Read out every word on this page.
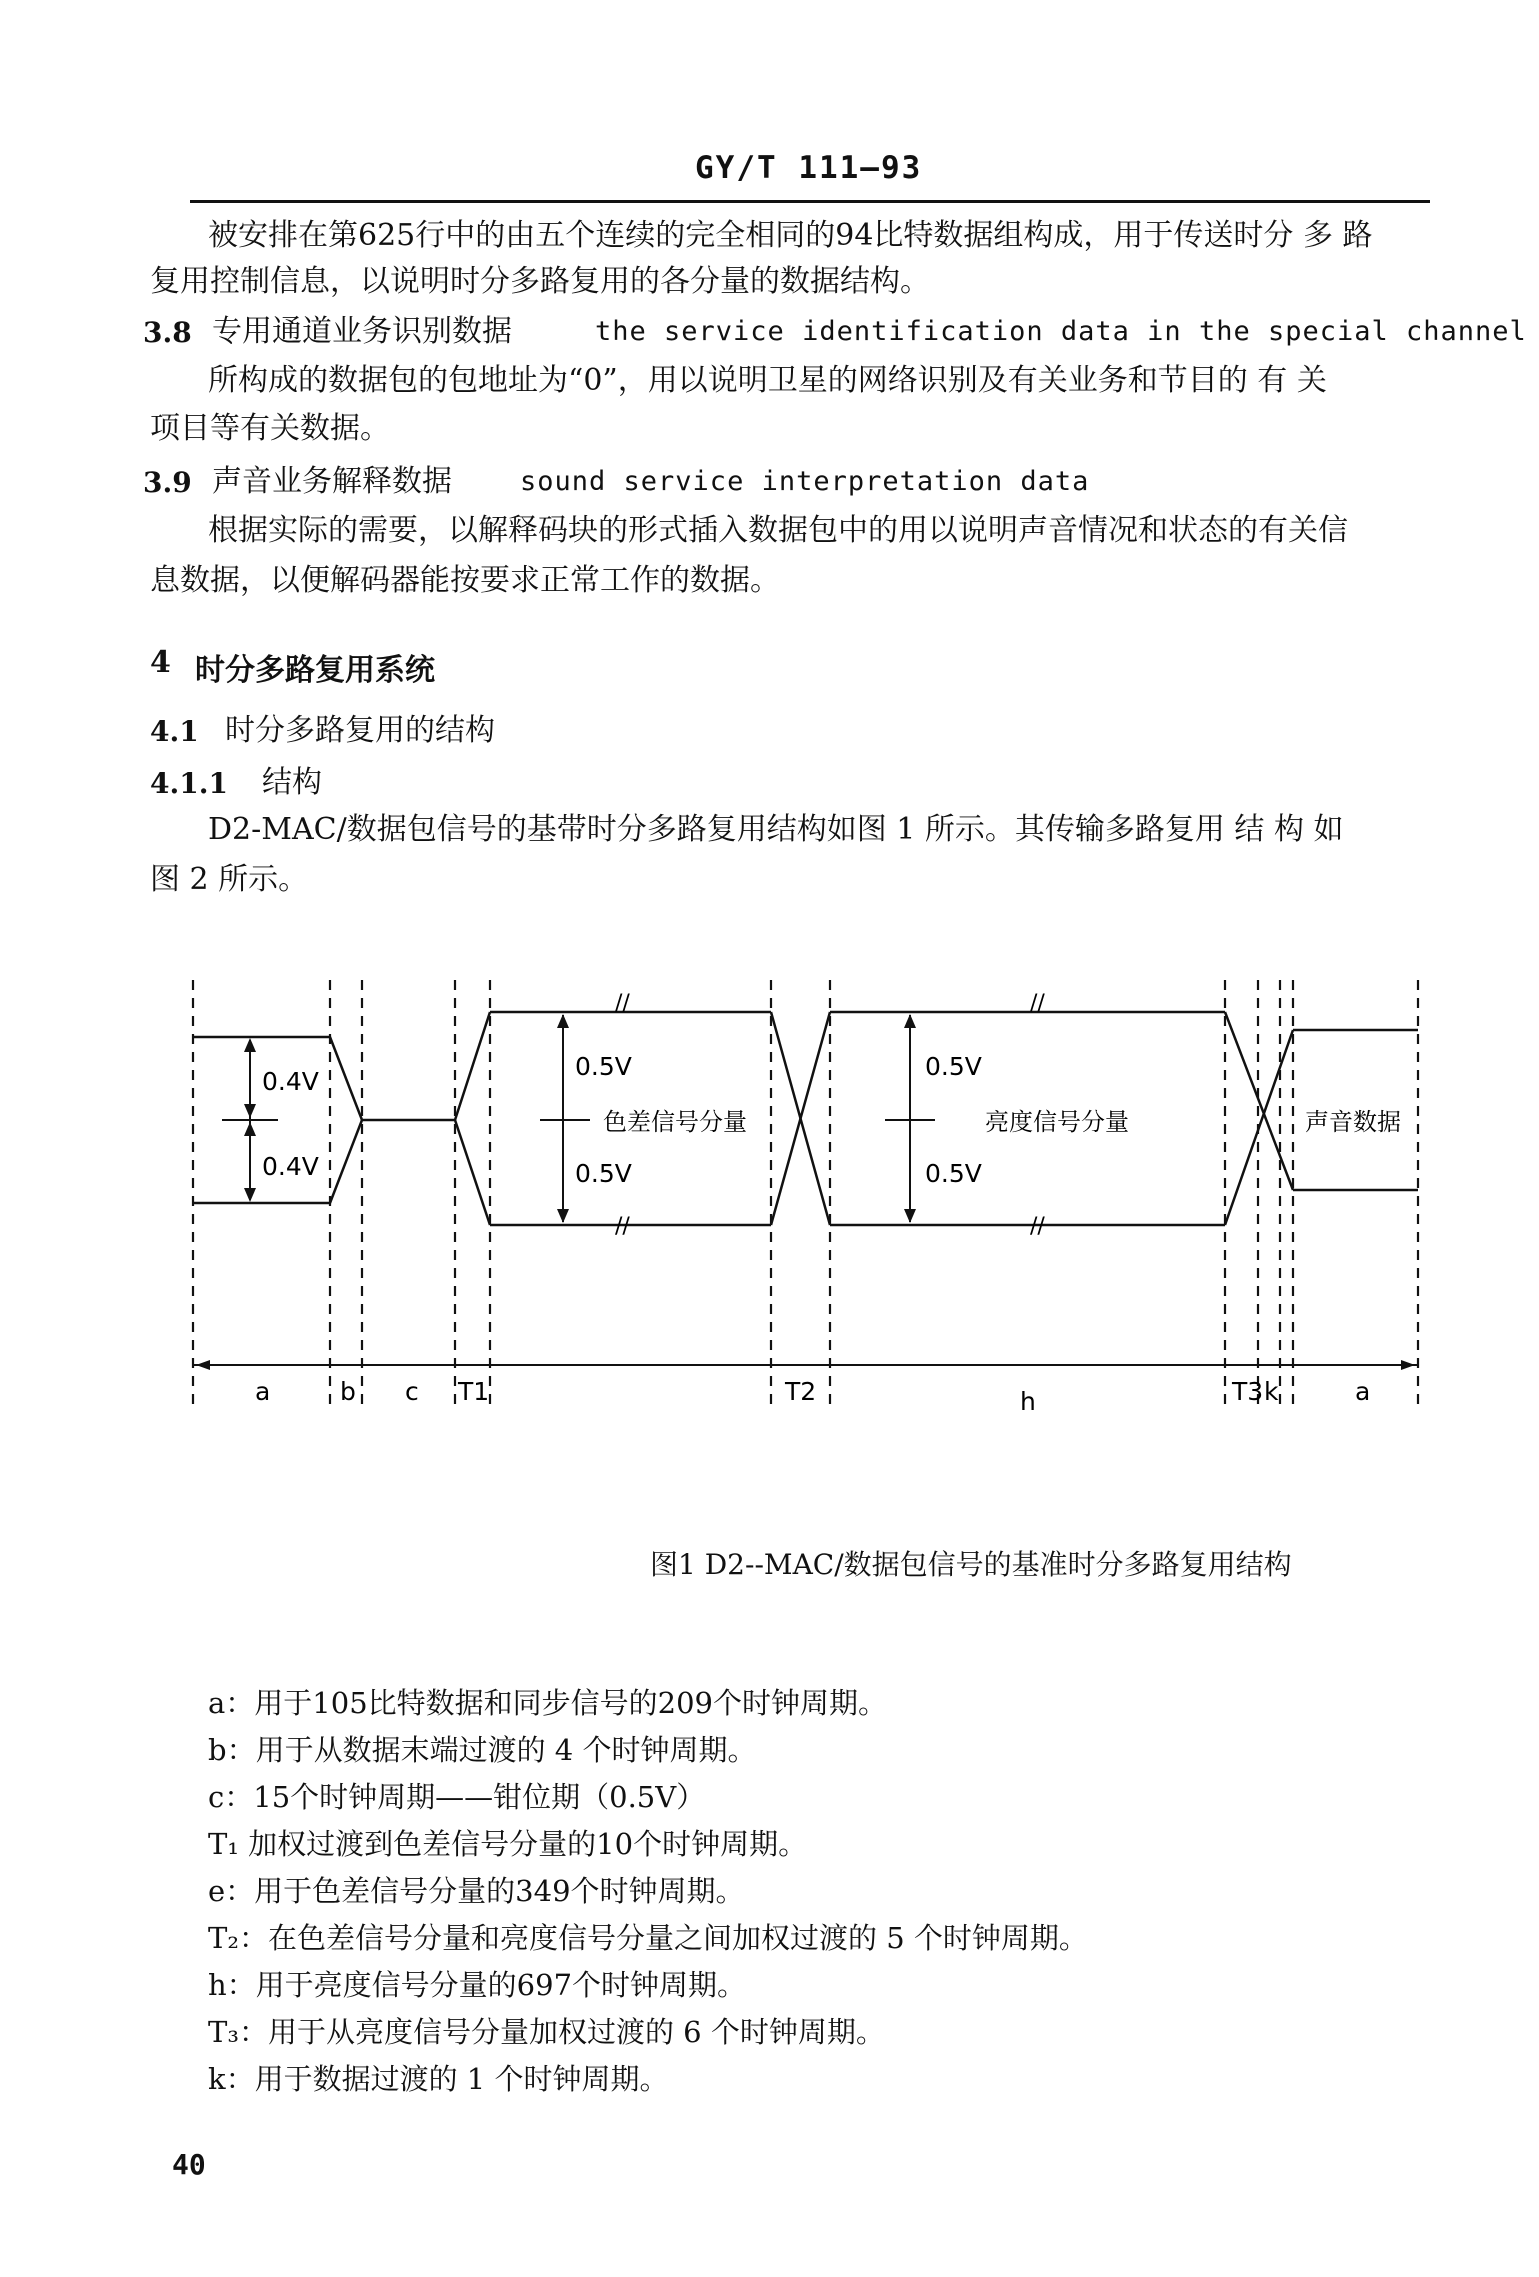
GY/T 111—93
被安排在第625行中的由五个连续的完全相同的94比特数据组构成，用于传送时分 多 路
复用控制信息，以说明时分多路复用的各分量的数据结构。
3.8 专用通道业务识别数据	the service identification data in the special channel
所构成的数据包的包地址为“0”，用以说明卫星的网络识别及有关业务和节目的 有 关
项目等有关数据。
3.9 声音业务解释数据	sound service interpretation data
根据实际的需要，以解释码块的形式插入数据包中的用以说明声音情况和状态的有关信
息数据，以便解码器能按要求正常工作的数据。
4 时分多路复用系统
4.1 时分多路复用的结构
4.1.1 结构
D2-MAC/数据包信号的基带时分多路复用结构如图 1 所示。其传输多路复用 结 构 如
图 2 所示。
0.4V
0.4V
0.5V
0.5V
色差信号分量
0.5V
0.5V
亮度信号分量	声音数据
//	//
//	//
a	b c T1	T2	h	T3 k	a
图1 D2--MAC/数据包信号的基准时分多路复用结构
a：用于105比特数据和同步信号的209个时钟周期。
b：用于从数据末端过渡的 4 个时钟周期。
c：15个时钟周期——钳位期（0.5V）
T₁ 加权过渡到色差信号分量的10个时钟周期。
e：用于色差信号分量的349个时钟周期。
T₂：在色差信号分量和亮度信号分量之间加权过渡的 5 个时钟周期。
h：用于亮度信号分量的697个时钟周期。
T₃：用于从亮度信号分量加权过渡的 6 个时钟周期。
k：用于数据过渡的 1 个时钟周期。
40
